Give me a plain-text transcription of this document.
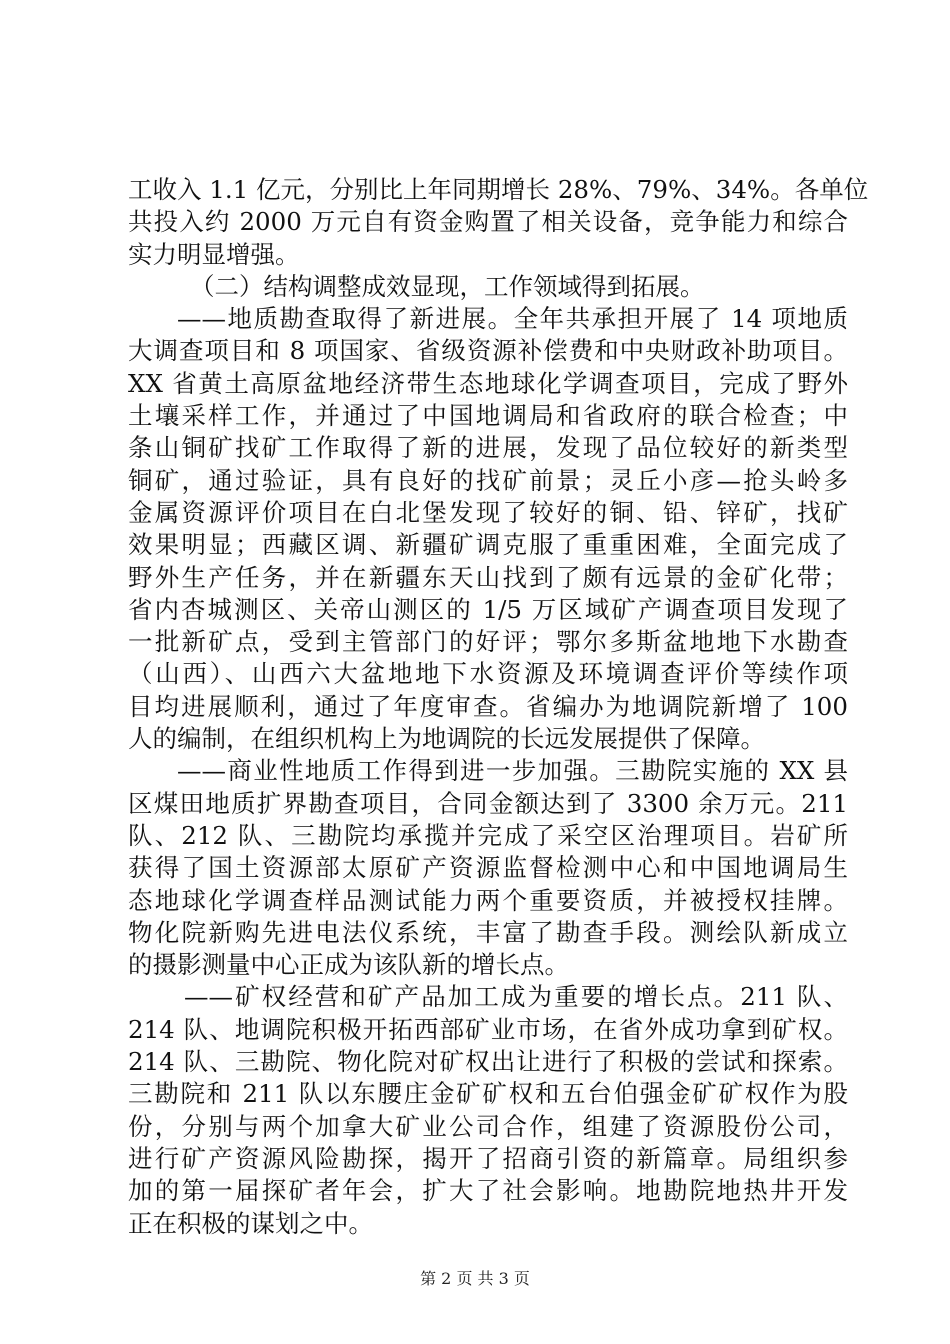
工收入 1.1 亿元，分别比上年同期增长 28%、79%、34%。各单位
共投入约 2000 万元自有资金购置了相关设备，竞争能力和综合
实力明显增强。
（二）结构调整成效显现，工作领域得到拓展。
——地质勘查取得了新进展。全年共承担开展了 14 项地质
大调查项目和 8 项国家、省级资源补偿费和中央财政补助项目。
XX 省黄土高原盆地经济带生态地球化学调查项目，完成了野外
土壤采样工作，并通过了中国地调局和省政府的联合检查；中
条山铜矿找矿工作取得了新的进展，发现了品位较好的新类型
铜矿，通过验证，具有良好的找矿前景；灵丘小彦—抢头岭多
金属资源评价项目在白北堡发现了较好的铜、铅、锌矿，找矿
效果明显；西藏区调、新疆矿调克服了重重困难，全面完成了
野外生产任务，并在新疆东天山找到了颇有远景的金矿化带；
省内杏城测区、关帝山测区的 1/5 万区域矿产调查项目发现了
一批新矿点，受到主管部门的好评；鄂尔多斯盆地地下水勘查
（山西）、山西六大盆地地下水资源及环境调查评价等续作项
目均进展顺利，通过了年度审查。省编办为地调院新增了 100
人的编制，在组织机构上为地调院的长远发展提供了保障。
——商业性地质工作得到进一步加强。三勘院实施的 XX 县
区煤田地质扩界勘查项目，合同金额达到了 3300 余万元。211
队、212 队、三勘院均承揽并完成了采空区治理项目。岩矿所
获得了国土资源部太原矿产资源监督检测中心和中国地调局生
态地球化学调查样品测试能力两个重要资质，并被授权挂牌。
物化院新购先进电法仪系统，丰富了勘查手段。测绘队新成立
的摄影测量中心正成为该队新的增长点。
——矿权经营和矿产品加工成为重要的增长点。211 队、
214 队、地调院积极开拓西部矿业市场，在省外成功拿到矿权。
214 队、三勘院、物化院对矿权出让进行了积极的尝试和探索。
三勘院和 211 队以东腰庄金矿矿权和五台伯强金矿矿权作为股
份，分别与两个加拿大矿业公司合作，组建了资源股份公司，
进行矿产资源风险勘探，揭开了招商引资的新篇章。局组织参
加的第一届探矿者年会，扩大了社会影响。地勘院地热井开发
正在积极的谋划之中。
第 2 页 共 3 页
